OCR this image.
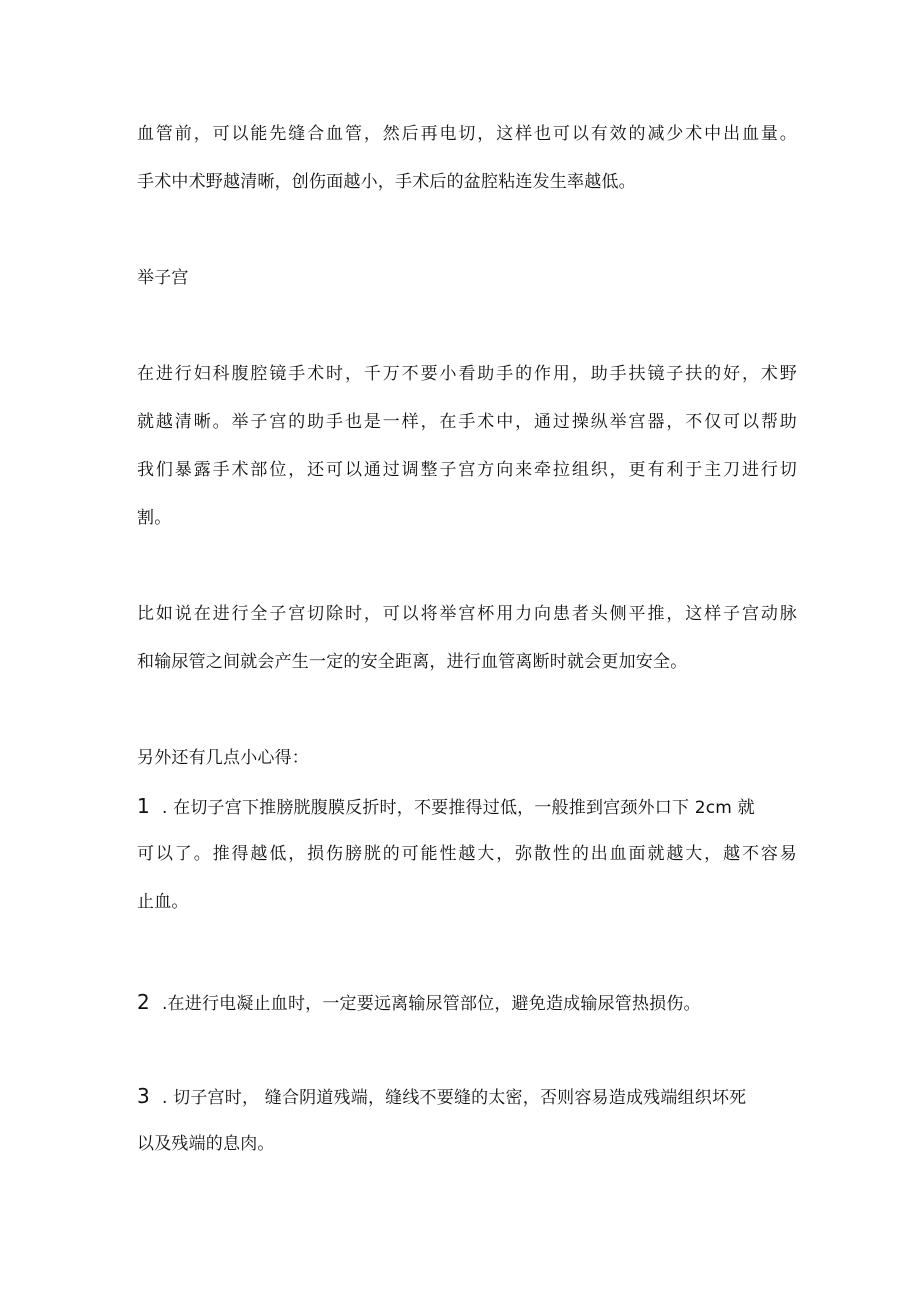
血管前，可以能先缝合血管，然后再电切，这样也可以有效的减少术中出血量。
手术中术野越清晰，创伤面越小，手术后的盆腔粘连发生率越低。
举子宫
在进行妇科腹腔镜手术时，千万不要小看助手的作用，助手扶镜子扶的好，术野
就越清晰。举子宫的助手也是一样，在手术中，通过操纵举宫器，不仅可以帮助
我们暴露手术部位，还可以通过调整子宫方向来牵拉组织，更有利于主刀进行切
割。
比如说在进行全子宫切除时，可以将举宫杯用力向患者头侧平推，这样子宫动脉
和输尿管之间就会产生一定的安全距离，进行血管离断时就会更加安全。
另外还有几点小心得：
1 . 在切子宫下推膀胱腹膜反折时，不要推得过低，一般推到宫颈外口下 2cm 就
可以了。推得越低，损伤膀胱的可能性越大，弥散性的出血面就越大，越不容易
止血。
2 .在进行电凝止血时，一定要远离输尿管部位，避免造成输尿管热损伤。
3 . 切子宫时， 缝合阴道残端，缝线不要缝的太密，否则容易造成残端组织坏死
以及残端的息肉。
